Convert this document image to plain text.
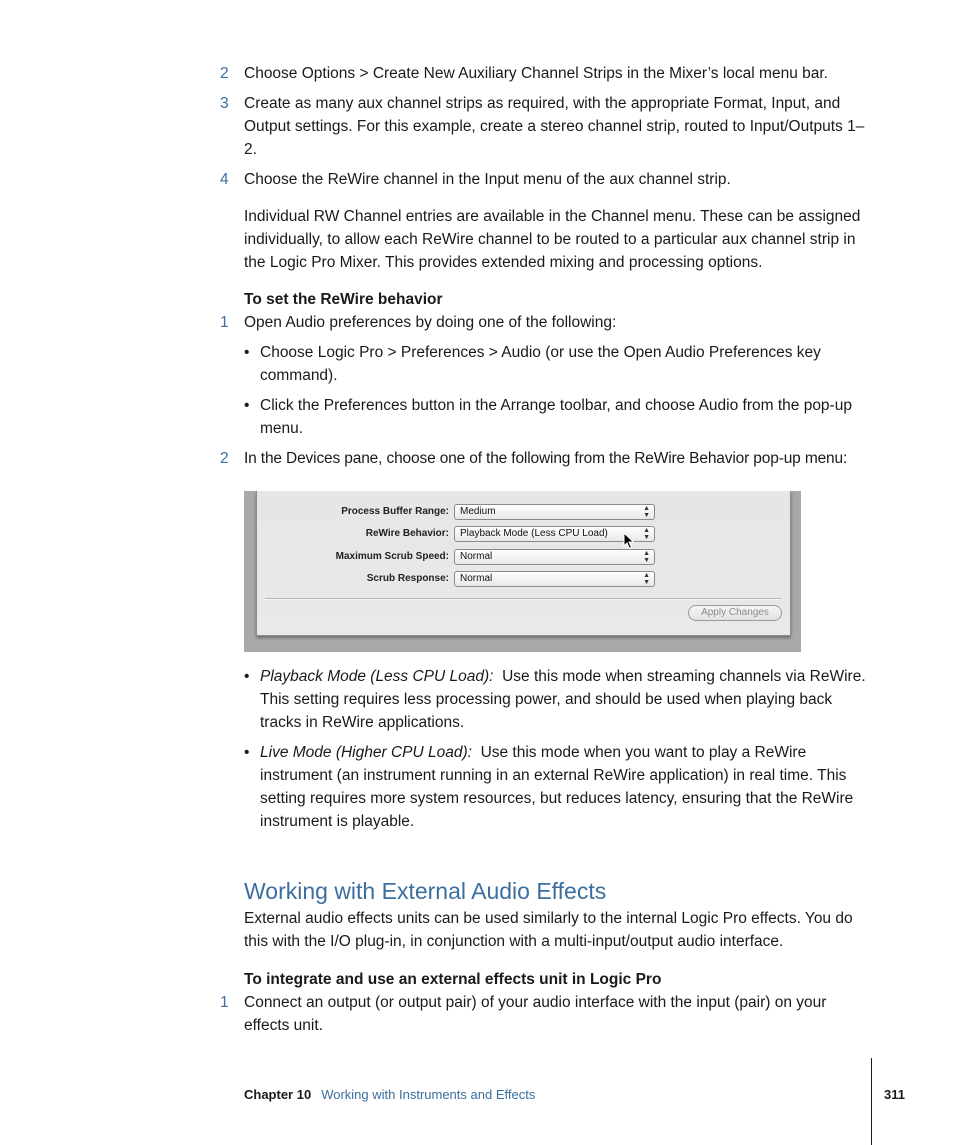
2 Choose Options > Create New Auxiliary Channel Strips in the Mixer’s local menu bar.
3 Create as many aux channel strips as required, with the appropriate Format, Input, and Output settings. For this example, create a stereo channel strip, routed to Input/Outputs 1–2.
4 Choose the ReWire channel in the Input menu of the aux channel strip.
Individual RW Channel entries are available in the Channel menu. These can be assigned individually, to allow each ReWire channel to be routed to a particular aux channel strip in the Logic Pro Mixer. This provides extended mixing and processing options.
To set the ReWire behavior
1 Open Audio preferences by doing one of the following:
• Choose Logic Pro > Preferences > Audio (or use the Open Audio Preferences key command).
• Click the Preferences button in the Arrange toolbar, and choose Audio from the pop-up menu.
2 In the Devices pane, choose one of the following from the ReWire Behavior pop-up menu:
Process Buffer Range:	Medium	▲
▼
ReWire Behavior:	Playback Mode (Less CPU Load)	▲
▼
Maximum Scrub Speed:	Normal	▲
▼
Scrub Response:	Normal	▲
▼
Apply Changes
• Playback Mode (Less CPU Load): Use this mode when streaming channels via ReWire. This setting requires less processing power, and should be used when playing back tracks in ReWire applications.
• Live Mode (Higher CPU Load): Use this mode when you want to play a ReWire instrument (an instrument running in an external ReWire application) in real time. This setting requires more system resources, but reduces latency, ensuring that the ReWire instrument is playable.
Working with External Audio Effects
External audio effects units can be used similarly to the internal Logic Pro effects. You do this with the I/O plug-in, in conjunction with a multi-input/output audio interface.
To integrate and use an external effects unit in Logic Pro
1 Connect an output (or output pair) of your audio interface with the input (pair) on your effects unit.
Chapter 10 Working with Instruments and Effects	311
